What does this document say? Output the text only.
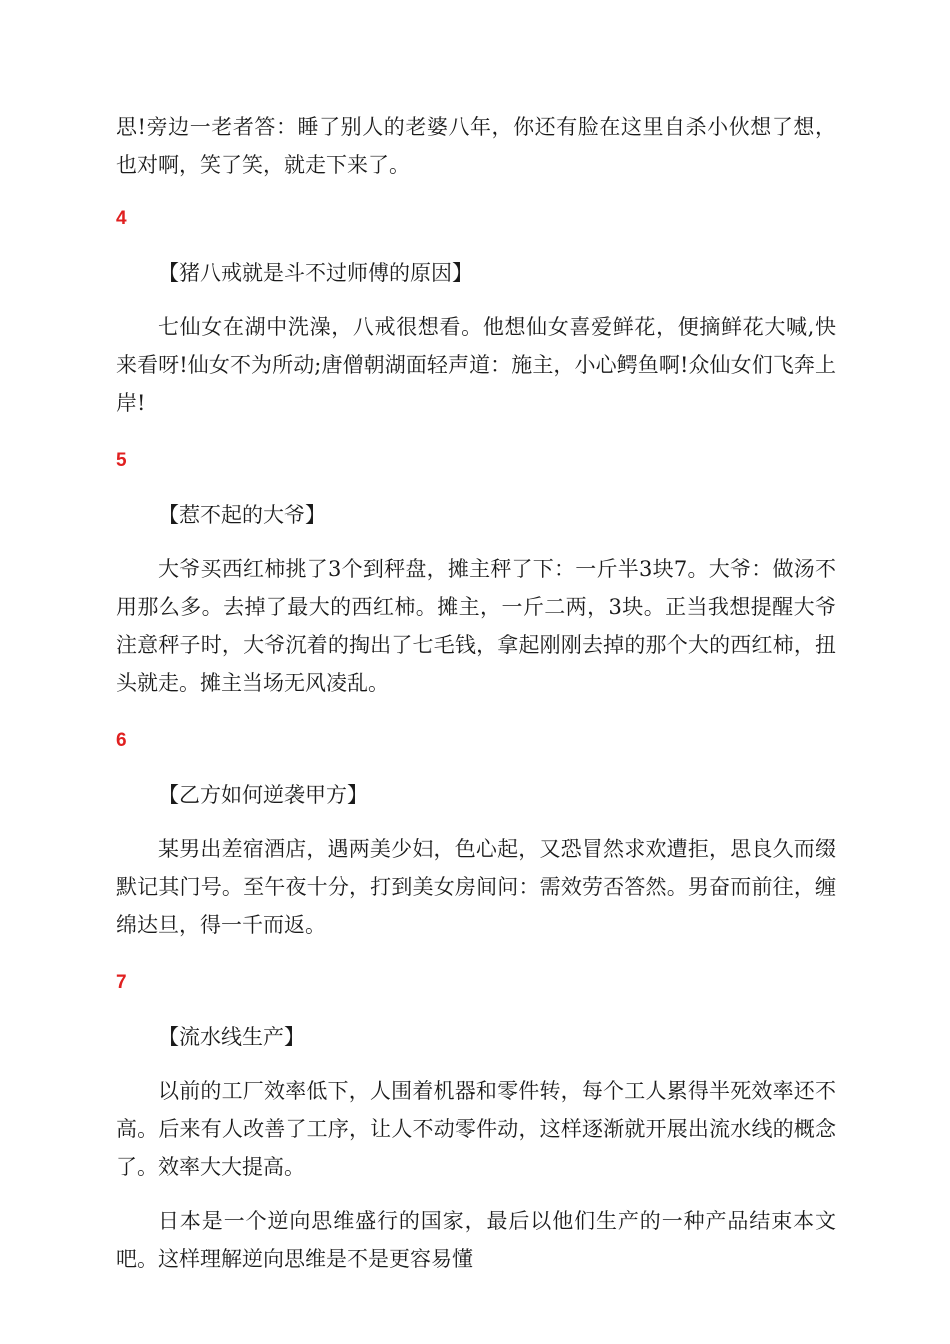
思!旁边一老者答：睡了别人的老婆八年，你还有脸在这里自杀小伙想了想，也对啊，笑了笑，就走下来了。

4

【猪八戒就是斗不过师傅的原因】

七仙女在湖中洗澡，八戒很想看。他想仙女喜爱鲜花，便摘鲜花大喊,快来看呀!仙女不为所动;唐僧朝湖面轻声道：施主，小心鳄鱼啊!众仙女们飞奔上岸!

5

【惹不起的大爷】

大爷买西红柿挑了3个到秤盘，摊主秤了下：一斤半3块7。大爷：做汤不用那么多。去掉了最大的西红柿。摊主，一斤二两，3块。正当我想提醒大爷注意秤子时，大爷沉着的掏出了七毛钱，拿起刚刚去掉的那个大的西红柿，扭头就走。摊主当场无风凌乱。

6

【乙方如何逆袭甲方】

某男出差宿酒店，遇两美少妇，色心起，又恐冒然求欢遭拒，思良久而缀默记其门号。至午夜十分，打到美女房间问：需效劳否答然。男奋而前往，缠绵达旦，得一千而返。

7

【流水线生产】

以前的工厂效率低下，人围着机器和零件转，每个工人累得半死效率还不高。后来有人改善了工序，让人不动零件动，这样逐渐就开展出流水线的概念了。效率大大提高。

日本是一个逆向思维盛行的国家，最后以他们生产的一种产品结束本文吧。这样理解逆向思维是不是更容易懂
